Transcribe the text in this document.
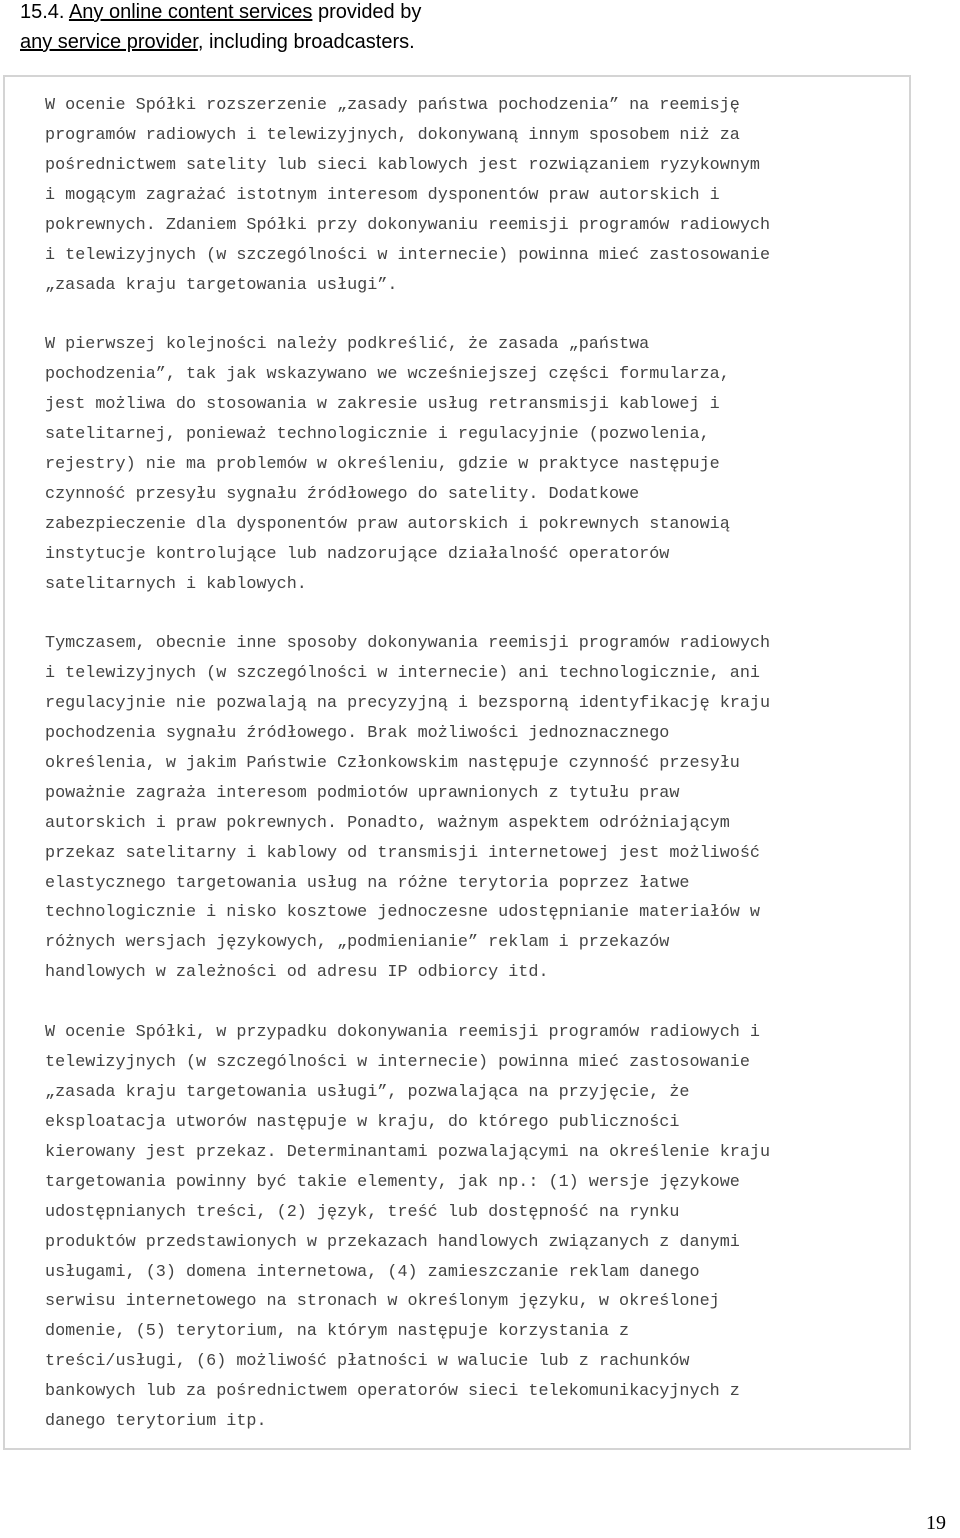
15.4. Any online content services provided by
any service provider, including broadcasters.
W ocenie Spółki rozszerzenie „zasady państwa pochodzenia” na reemisję
programów radiowych i telewizyjnych, dokonywaną innym sposobem niż za
pośrednictwem satelity lub sieci kablowych jest rozwiązaniem ryzykownym
i mogącym zagrażać istotnym interesom dysponentów praw autorskich i
pokrewnych. Zdaniem Spółki przy dokonywaniu reemisji programów radiowych
i telewizyjnych (w szczególności w internecie) powinna mieć zastosowanie
„zasada kraju targetowania usługi”.
W pierwszej kolejności należy podkreślić, że zasada „państwa
pochodzenia”, tak jak wskazywano we wcześniejszej części formularza,
jest możliwa do stosowania w zakresie usług retransmisji kablowej i
satelitarnej, ponieważ technologicznie i regulacyjnie (pozwolenia,
rejestry) nie ma problemów w określeniu, gdzie w praktyce następuje
czynność przesyłu sygnału źródłowego do satelity. Dodatkowe
zabezpieczenie dla dysponentów praw autorskich i pokrewnych stanowią
instytucje kontrolujące lub nadzorujące działalność operatorów
satelitarnych i kablowych.
Tymczasem, obecnie inne sposoby dokonywania reemisji programów radiowych
i telewizyjnych (w szczególności w internecie) ani technologicznie, ani
regulacyjnie nie pozwalają na precyzyjną i bezsporną identyfikację kraju
pochodzenia sygnału źródłowego. Brak możliwości jednoznacznego
określenia, w jakim Państwie Członkowskim następuje czynność przesyłu
poważnie zagraża interesom podmiotów uprawnionych z tytułu praw
autorskich i praw pokrewnych. Ponadto, ważnym aspektem odróżniającym
przekaz satelitarny i kablowy od transmisji internetowej jest możliwość
elastycznego targetowania usług na różne terytoria poprzez łatwe
technologicznie i nisko kosztowe jednoczesne udostępnianie materiałów w
różnych wersjach językowych, „podmienianie” reklam i przekazów
handlowych w zależności od adresu IP odbiorcy itd.
W ocenie Spółki, w przypadku dokonywania reemisji programów radiowych i
telewizyjnych (w szczególności w internecie) powinna mieć zastosowanie
„zasada kraju targetowania usługi”, pozwalająca na przyjęcie, że
eksploatacja utworów następuje w kraju, do którego publiczności
kierowany jest przekaz. Determinantami pozwalającymi na określenie kraju
targetowania powinny być takie elementy, jak np.: (1) wersje językowe
udostępnianych treści, (2) język, treść lub dostępność na rynku
produktów przedstawionych w przekazach handlowych związanych z danymi
usługami, (3) domena internetowa, (4) zamieszczanie reklam danego
serwisu internetowego na stronach w określonym języku, w określonej
domenie, (5) terytorium, na którym następuje korzystania z
treści/usługi, (6) możliwość płatności w walucie lub z rachunków
bankowych lub za pośrednictwem operatorów sieci telekomunikacyjnych z
danego terytorium itp.
19
